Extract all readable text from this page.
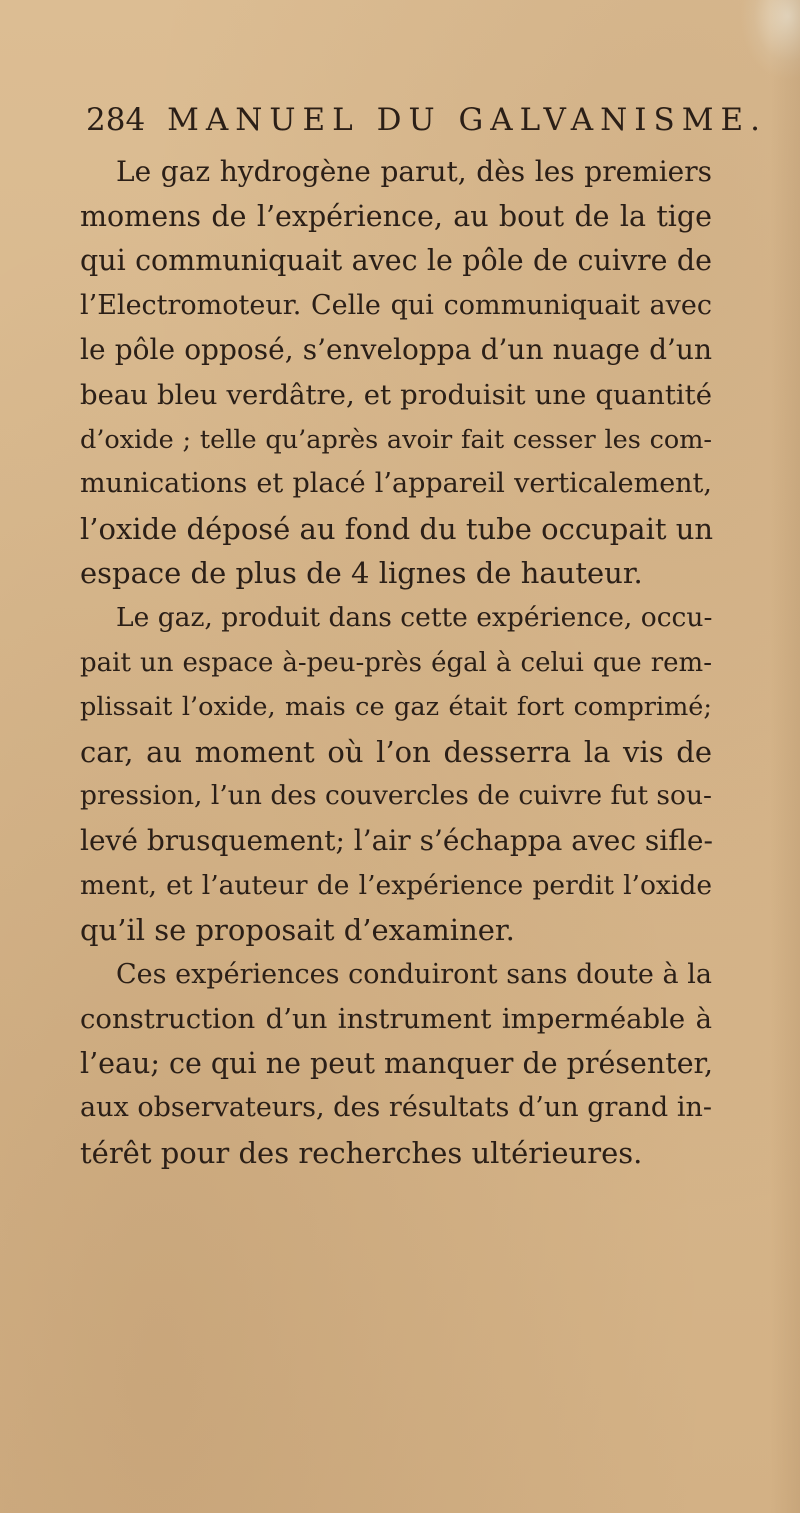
284 MANUEL DU GALVANISME.
Le gaz hydrogène parut, dès les premiers
momens de l’expérience, au bout de la tige
qui communiquait avec le pôle de cuivre de
l’Electromoteur. Celle qui communiquait avec
le pôle opposé, s’enveloppa d’un nuage d’un
beau bleu verdâtre, et produisit une quantité
d’oxide ; telle qu’après avoir fait cesser les com-
munications et placé l’appareil verticalement,
l’oxide déposé au fond du tube occupait un
espace de plus de 4 lignes de hauteur.
Le gaz, produit dans cette expérience, occu-
pait un espace à-peu-près égal à celui que rem-
plissait l’oxide, mais ce gaz était fort comprimé;
car, au moment où l’on desserra la vis de
pression, l’un des couvercles de cuivre fut sou-
levé brusquement; l’air s’échappa avec sifle-
ment, et l’auteur de l’expérience perdit l’oxide
qu’il se proposait d’examiner.
Ces expériences conduiront sans doute à la
construction d’un instrument imperméable à
l’eau; ce qui ne peut manquer de présenter,
aux observateurs, des résultats d’un grand in-
térêt pour des recherches ultérieures.
